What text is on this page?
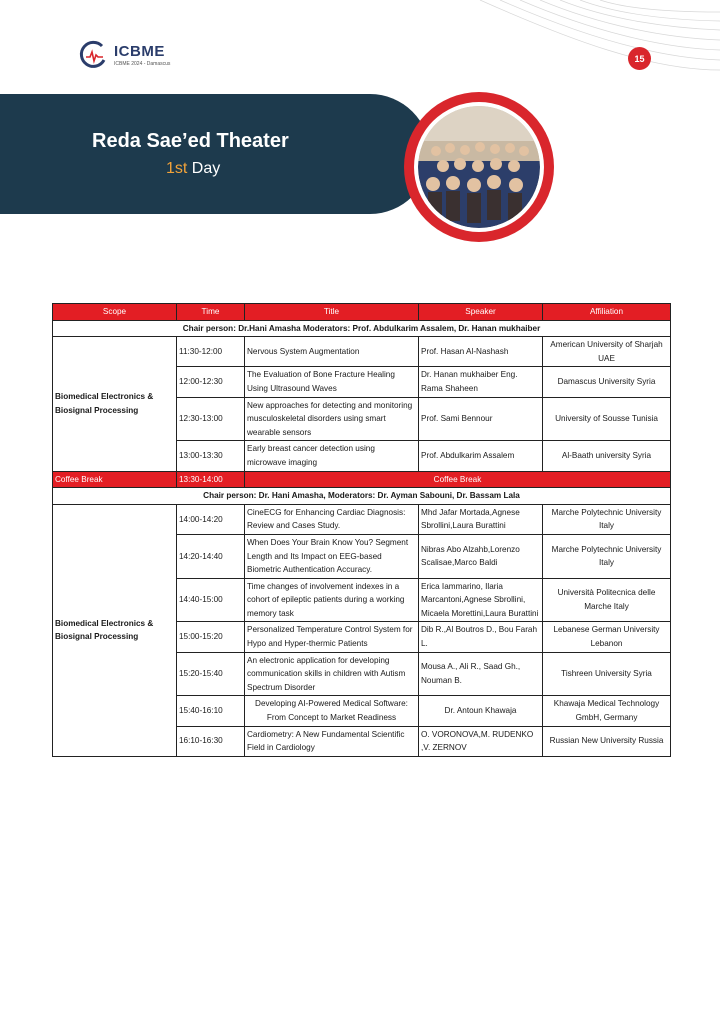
ICBME
ICBME 2024 - Damascus
15
Reda Sae’ed Theater
1st Day
Scope	Time	Title	Speaker	Affiliation
Chair person: Dr.Hani Amasha Moderators: Prof. Abdulkarim Assalem, Dr. Hanan mukhaiber				
Biomedical Electronics & Biosignal Processing	11:30-12:00	Nervous System Augmentation	Prof. Hasan Al-Nashash	American University of Sharjah UAE
	12:00-12:30	The Evaluation of Bone Fracture Healing Using Ultrasound Waves	Dr. Hanan mukhaiber Eng. Rama Shaheen	Damascus University Syria
	12:30-13:00	New approaches for detecting and monitoring musculoskeletal disorders using smart wearable sensors	Prof. Sami Bennour	University of Sousse Tunisia
	13:00-13:30	Early breast cancer detection using microwave imaging	Prof. Abdulkarim Assalem	Al-Baath university Syria
Coffee Break	13:30-14:00	Coffee Break		
Chair person: Dr. Hani Amasha, Moderators: Dr. Ayman Sabouni, Dr. Bassam Lala				
Biomedical Electronics & Biosignal Processing	14:00-14:20	CineECG for Enhancing Cardiac Diagnosis: Review and Cases Study.	Mhd Jafar Mortada,Agnese Sbrollini,Laura Burattini	Marche Polytechnic University Italy
	14:20-14:40	When Does Your Brain Know You? Segment Length and Its Impact on EEG-based Biometric Authentication Accuracy.	Nibras Abo Alzahb,Lorenzo Scalisae,Marco Baldi	Marche Polytechnic University Italy
	14:40-15:00	Time changes of involvement indexes in a cohort of epileptic patients during a working memory task	Erica Iammarino, Ilaria Marcantoni,Agnese Sbrollini, Micaela Morettini,Laura Burattini	Università Politecnica delle Marche Italy
	15:00-15:20	Personalized Temperature Control System for Hypo and Hyper-thermic Patients	Dib R.,Al Boutros D., Bou Farah L.	Lebanese German University Lebanon
	15:20-15:40	An electronic application for developing communication skills in children with Autism Spectrum Disorder	Mousa A., Ali R., Saad Gh., Nouman B.	Tishreen University Syria
	15:40-16:10	Developing AI-Powered Medical Software: From Concept to Market Readiness	Dr. Antoun Khawaja	Khawaja Medical Technology GmbH, Germany
	16:10-16:30	Cardiometry: A New Fundamental Scientific Field in Cardiology	O. VORONOVA,M. RUDENKO ,V. ZERNOV	Russian New University Russia
